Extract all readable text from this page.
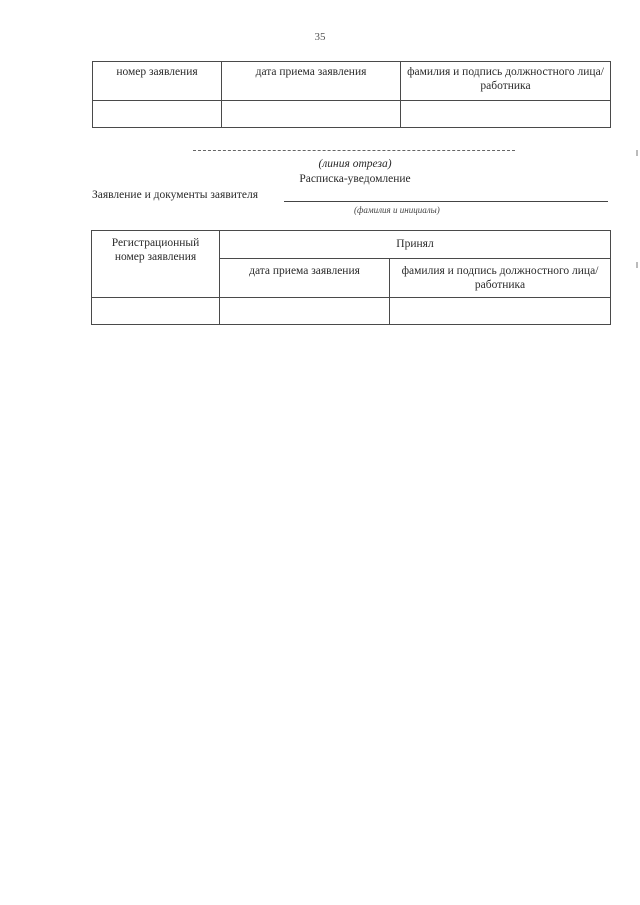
35
номер заявления	дата приема заявления	фамилия и подпись должностного лица/работника

(линия отреза)
Расписка-уведомление
Заявление и документы заявителя
(фамилия и инициалы)
Регистрационный номер заявления	Принял	
	дата приема заявления	фамилия и подпись должностного лица/работника
